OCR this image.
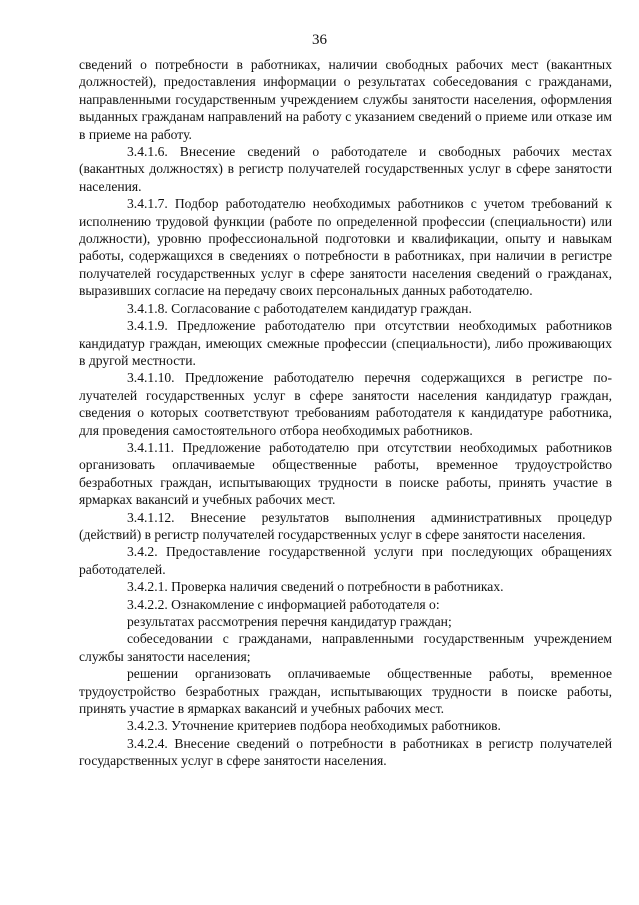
36

сведений о потребности в работниках, наличии свободных рабочих мест (вакантных должностей), предоставления информации о результатах собеседования с гражданами, направленными государственным учреждением службы занятости населения, оформления выданных гражданам направлений на работу с указанием сведений о приеме или отказе им в приеме на работу.

3.4.1.6. Внесение сведений о работодателе и свободных рабочих местах (вакантных должностях) в регистр получателей государственных услуг в сфере занятости населения.

3.4.1.7. Подбор работодателю необходимых работников с учетом требований к исполнению трудовой функции (работе по определенной профессии (специальности) или должности), уровню профессиональной подготовки и квалификации, опыту и навыкам работы, содержащихся в сведениях о потребности в работниках, при наличии в регистре получателей государственных услуг в сфере занятости населения сведений о гражданах, выразивших согласие на передачу своих персональных данных работодателю.

3.4.1.8. Согласование с работодателем кандидатур граждан.

3.4.1.9. Предложение работодателю при отсутствии необходимых работников кандидатур граждан, имеющих смежные профессии (специальности), либо проживающих в другой местности.

3.4.1.10. Предложение работодателю перечня содержащихся в регистре получателей государственных услуг в сфере занятости населения кандидатур граждан, сведения о которых соответствуют требованиям работодателя к кандидатуре работника, для проведения самостоятельного отбора необходимых работников.

3.4.1.11. Предложение работодателю при отсутствии необходимых работников организовать оплачиваемые общественные работы, временное трудоустройство безработных граждан, испытывающих трудности в поиске работы, принять участие в ярмарках вакансий и учебных рабочих мест.

3.4.1.12. Внесение результатов выполнения административных процедур (действий) в регистр получателей государственных услуг в сфере занятости населения.

3.4.2. Предоставление государственной услуги при последующих обращениях работодателей.

3.4.2.1. Проверка наличия сведений о потребности в работниках.

3.4.2.2. Ознакомление с информацией работодателя о:

результатах рассмотрения перечня кандидатур граждан;

собеседовании с гражданами, направленными государственным учреждением службы занятости населения;

решении организовать оплачиваемые общественные работы, временное трудоустройство безработных граждан, испытывающих трудности в поиске работы, принять участие в ярмарках вакансий и учебных рабочих мест.

3.4.2.3. Уточнение критериев подбора необходимых работников.

3.4.2.4. Внесение сведений о потребности в работниках в регистр получателей государственных услуг в сфере занятости населения.
